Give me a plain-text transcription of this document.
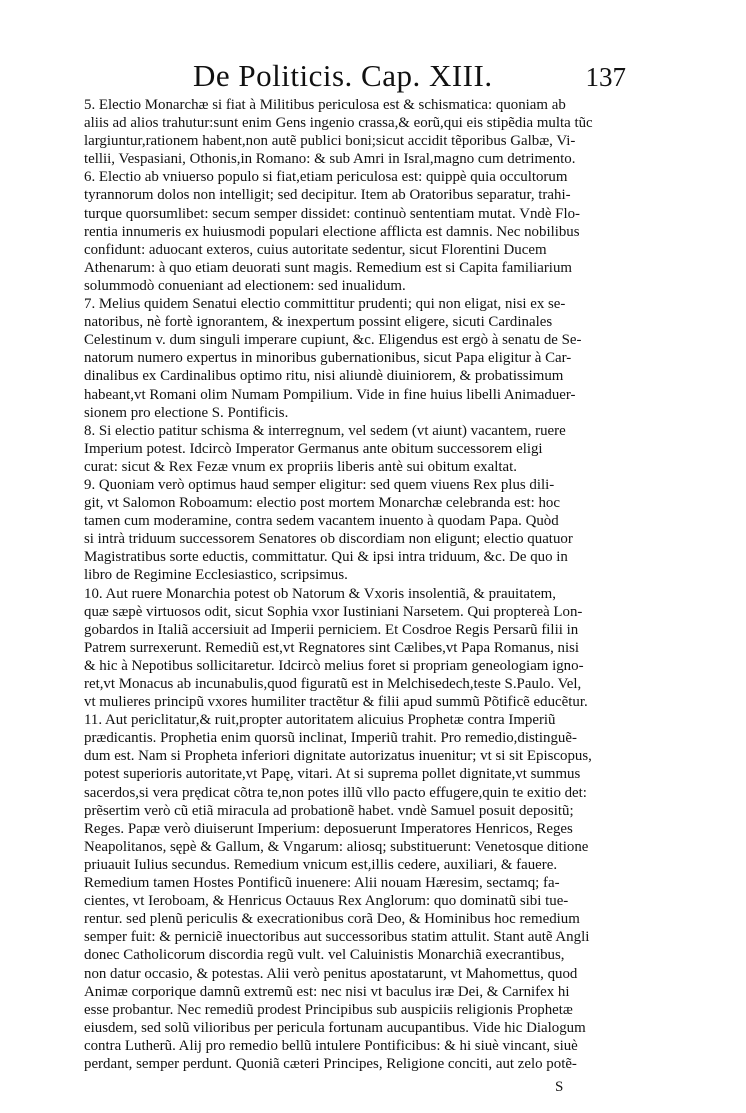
De Politicis. Cap. XIII.	137
5. Electio Monarchæ si fiat à Militibus periculosa est & schismatica: quoniam ab
aliis ad alios trahutur:sunt enim Gens ingenio crassa,& eorũ,qui eis stipẽdia multa tũc
largiuntur,rationem habent,non autẽ publici boni;sicut accidit tẽporibus Galbæ, Vi-
tellii, Vespasiani, Othonis,in Romano: & sub Amri in Isral,magno cum detrimento.
6. Electio ab vniuerso populo si fiat,etiam periculosa est: quippè quia occultorum
tyrannorum dolos non intelligit; sed decipitur. Item ab Oratoribus separatur, trahi-
turque quorsumlibet: secum semper dissidet: continuò sententiam mutat. Vndè Flo-
rentia innumeris ex huiusmodi populari electione afflicta est damnis. Nec nobilibus
confidunt: aduocant exteros, cuius autoritate sedentur, sicut Florentini Ducem
Athenarum: à quo etiam deuorati sunt magis. Remedium est si Capita familiarium
solummodò conueniant ad electionem: sed inualidum.
7. Melius quidem Senatui electio committitur prudenti; qui non eligat, nisi ex se-
natoribus, nè fortè ignorantem, & inexpertum possint eligere, sicuti Cardinales
Celestinum v. dum singuli imperare cupiunt, &c. Eligendus est ergò à senatu de Se-
natorum numero expertus in minoribus gubernationibus, sicut Papa eligitur à Car-
dinalibus ex Cardinalibus optimo ritu, nisi aliundè diuiniorem, & probatissimum
habeant,vt Romani olim Numam Pompilium. Vide in fine huius libelli Animaduer-
sionem pro electione S. Pontificis.
8. Si electio patitur schisma & interregnum, vel sedem (vt aiunt) vacantem, ruere
Imperium potest. Idcircò Imperator Germanus ante obitum successorem eligi
curat: sicut & Rex Fezæ vnum ex propriis liberis antè sui obitum exaltat.
9. Quoniam verò optimus haud semper eligitur: sed quem viuens Rex plus dili-
git, vt Salomon Roboamum: electio post mortem Monarchæ celebranda est: hoc
tamen cum moderamine, contra sedem vacantem inuento à quodam Papa. Quòd
si intrà triduum successorem Senatores ob discordiam non eligunt; electio quatuor
Magistratibus sorte eductis, committatur. Qui & ipsi intra triduum, &c. De quo in
libro de Regimine Ecclesiastico, scripsimus.
10. Aut ruere Monarchia potest ob Natorum & Vxoris insolentiã, & prauitatem,
quæ sæpè virtuosos odit, sicut Sophia vxor Iustiniani Narsetem. Qui proptereà Lon-
gobardos in Italiã accersiuit ad Imperii perniciem. Et Cosdroe Regis Persarũ filii in
Patrem surrexerunt. Remediũ est,vt Regnatores sint Cælibes,vt Papa Romanus, nisi
& hic à Nepotibus sollicitaretur. Idcircò melius foret si propriam geneologiam igno-
ret,vt Monacus ab incunabulis,quod figuratũ est in Melchisedech,teste S.Paulo. Vel,
vt mulieres principũ vxores humiliter tractẽtur & filii apud summũ Põtificẽ educẽtur.
11. Aut periclitatur,& ruit,propter autoritatem alicuius Prophetæ contra Imperiũ
prædicantis. Prophetia enim quorsũ inclinat, Imperiũ trahit. Pro remedio,distinguẽ-
dum est. Nam si Propheta inferiori dignitate autorizatus inuenitur; vt si sit Episcopus,
potest superioris autoritate,vt Papę, vitari. At si suprema pollet dignitate,vt summus
sacerdos,si vera prędicat cõtra te,non potes illũ vllo pacto effugere,quin te exitio det:
prẽsertim verò cũ etiã miracula ad probationẽ habet. vndè Samuel posuit depositũ;
Reges. Papæ verò diuiserunt Imperium: deposuerunt Imperatores Henricos, Reges
Neapolitanos, sępè & Gallum, & Vngarum: aliosq; substituerunt: Venetosque ditione
priuauit Iulius secundus. Remedium vnicum est,illis cedere, auxiliari, & fauere.
Remedium tamen Hostes Pontificũ inuenere: Alii nouam Hæresim, sectamq; fa-
cientes, vt Ieroboam, & Henricus Octauus Rex Anglorum: quo dominatũ sibi tue-
rentur. sed plenũ periculis & execrationibus corã Deo, & Hominibus hoc remedium
semper fuit: & perniciẽ inuectoribus aut successoribus statim attulit. Stant autẽ Angli
donec Catholicorum discordia regũ vult. vel Caluinistis Monarchiã execrantibus,
non datur occasio, & potestas. Alii verò penitus apostatarunt, vt Mahomettus, quod
Animæ corporique damnũ extremũ est: nec nisi vt baculus iræ Dei, & Carnifex hi
esse probantur. Nec remediũ prodest Principibus sub auspiciis religionis Prophetæ
eiusdem, sed solũ vilioribus per pericula fortunam aucupantibus. Vide hic Dialogum
contra Lutherũ. Alij pro remedio bellũ intulere Pontificibus: & hi siuè vincant, siuè
perdant, semper perdunt. Quoniã cæteri Principes, Religione conciti, aut zelo potẽ-
S
